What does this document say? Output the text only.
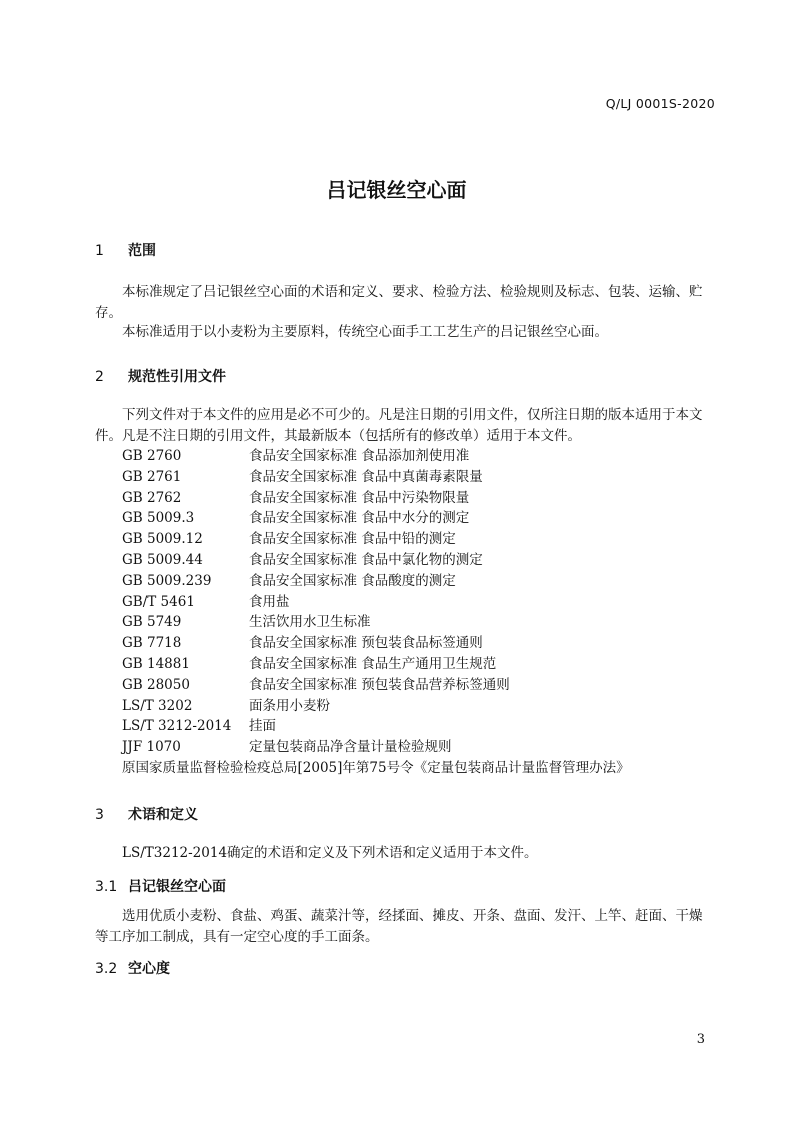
Q/LJ 0001S-2020
吕记银丝空心面
1 范围
本标准规定了吕记银丝空心面的术语和定义、要求、检验方法、检验规则及标志、包装、运输、贮
存。
本标准适用于以小麦粉为主要原料，传统空心面手工工艺生产的吕记银丝空心面。
2 规范性引用文件
下列文件对于本文件的应用是必不可少的。凡是注日期的引用文件，仅所注日期的版本适用于本文
件。凡是不注日期的引用文件，其最新版本（包括所有的修改单）适用于本文件。
GB 2760	食品安全国家标准 食品添加剂使用准
GB 2761	食品安全国家标准 食品中真菌毒素限量
GB 2762	食品安全国家标准 食品中污染物限量
GB 5009.3	食品安全国家标准 食品中水分的测定
GB 5009.12	食品安全国家标准 食品中铅的测定
GB 5009.44	食品安全国家标准 食品中氯化物的测定
GB 5009.239	食品安全国家标准 食品酸度的测定
GB/T 5461	食用盐
GB 5749	生活饮用水卫生标准
GB 7718	食品安全国家标准 预包装食品标签通则
GB 14881	食品安全国家标准 食品生产通用卫生规范
GB 28050	食品安全国家标准 预包装食品营养标签通则
LS/T 3202	面条用小麦粉
LS/T 3212-2014 挂面
JJF 1070	定量包装商品净含量计量检验规则
原国家质量监督检验检疫总局[2005]年第75号令《定量包装商品计量监督管理办法》
3 术语和定义
LS/T3212-2014确定的术语和定义及下列术语和定义适用于本文件。
3.1 吕记银丝空心面
选用优质小麦粉、食盐、鸡蛋、蔬菜汁等，经揉面、摊皮、开条、盘面、发汗、上竿、赶面、干燥
等工序加工制成，具有一定空心度的手工面条。
3.2 空心度
3
